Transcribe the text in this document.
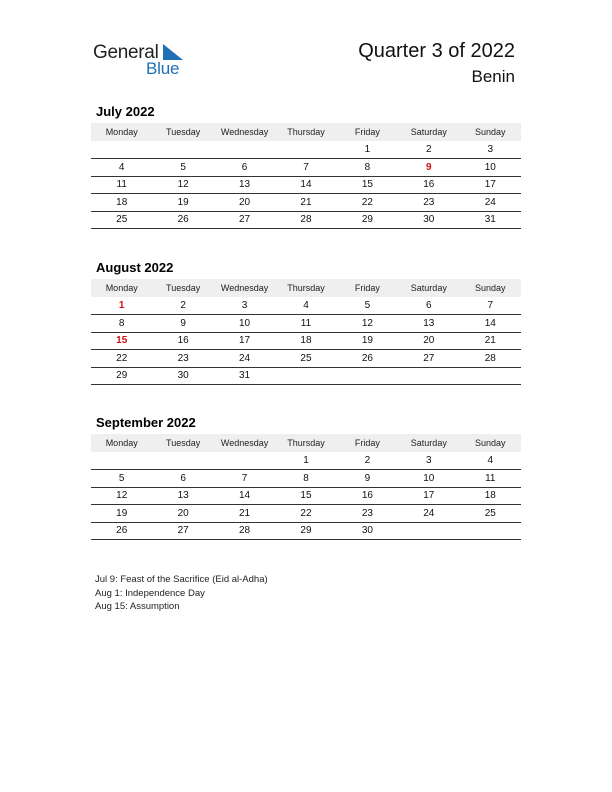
General
Blue
Quarter 3 of 2022
Benin
July 2022
Monday	Tuesday	Wednesday	Thursday	Friday	Saturday	Sunday
				1	2	3
4	5	6	7	8	9	10
11	12	13	14	15	16	17
18	19	20	21	22	23	24
25	26	27	28	29	30	31
August 2022
Monday	Tuesday	Wednesday	Thursday	Friday	Saturday	Sunday
1	2	3	4	5	6	7
8	9	10	11	12	13	14
15	16	17	18	19	20	21
22	23	24	25	26	27	28
29	30	31				
September 2022
Monday	Tuesday	Wednesday	Thursday	Friday	Saturday	Sunday
			1	2	3	4
5	6	7	8	9	10	11
12	13	14	15	16	17	18
19	20	21	22	23	24	25
26	27	28	29	30		
Jul 9: Feast of the Sacrifice (Eid al-Adha)
Aug 1: Independence Day
Aug 15: Assumption
